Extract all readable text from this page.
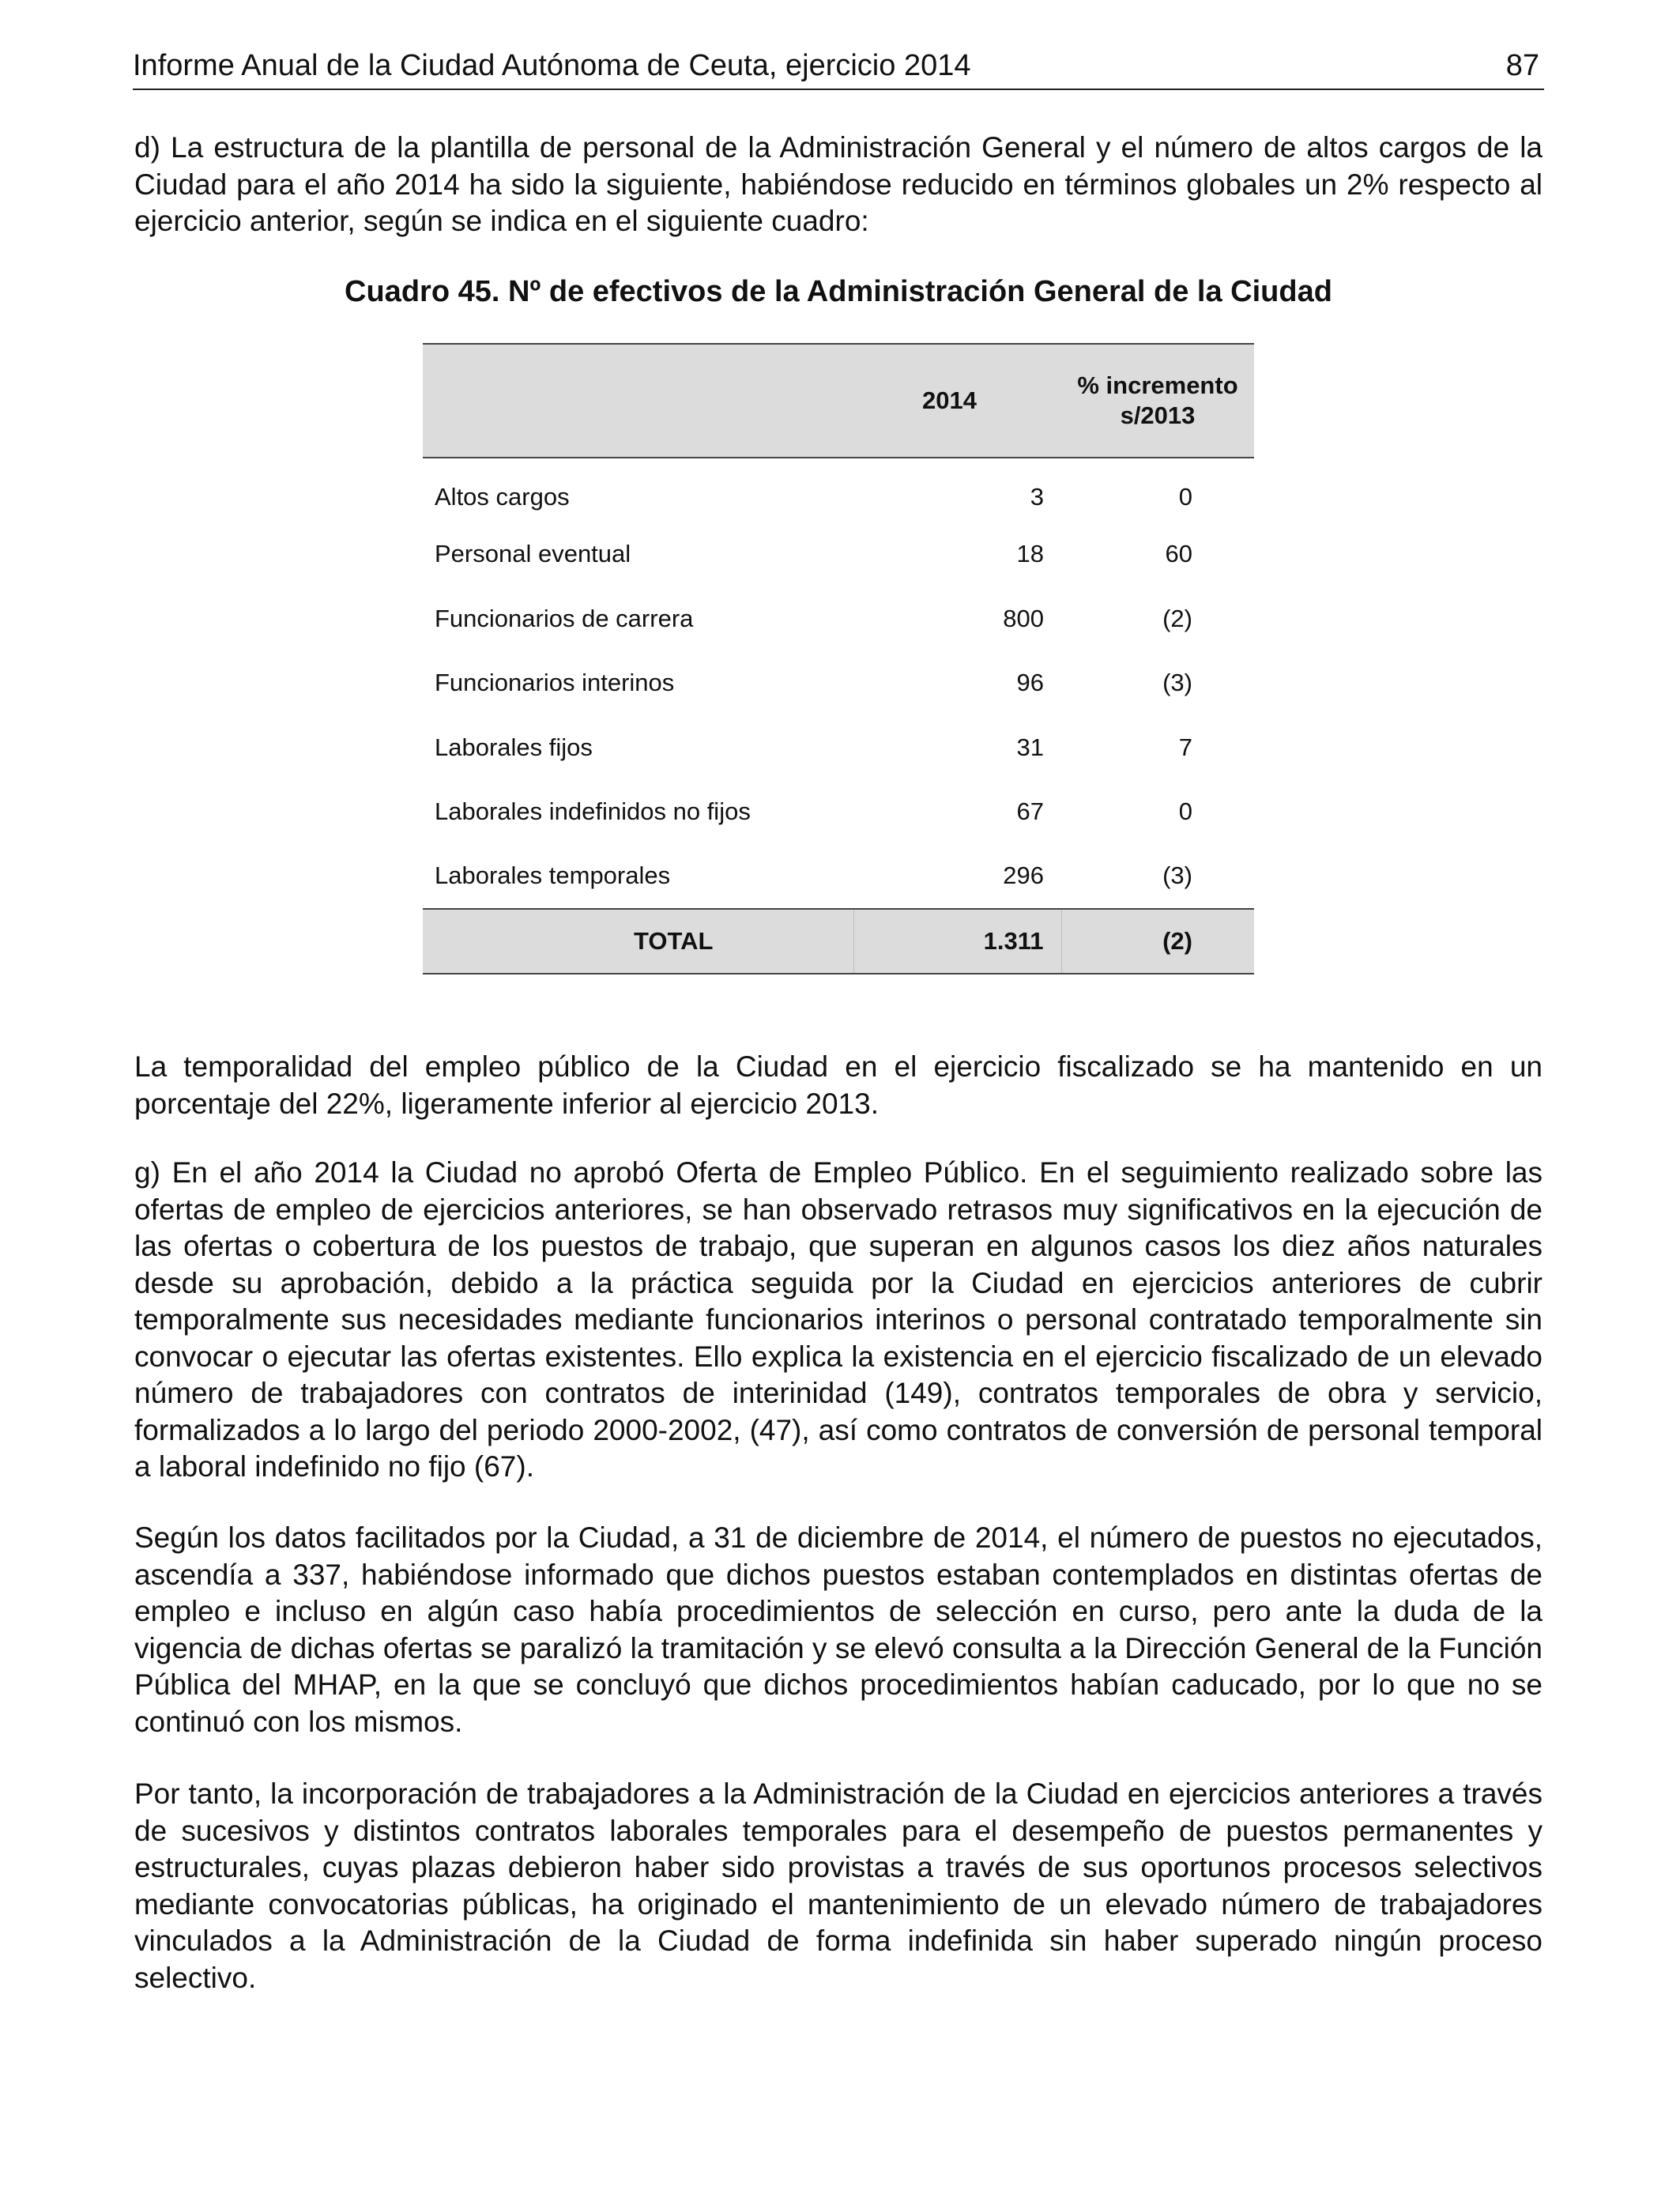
Informe Anual de la Ciudad Autónoma de Ceuta, ejercicio 2014	87

d) La estructura de la plantilla de personal de la Administración General y el número de altos cargos de la Ciudad para el año 2014 ha sido la siguiente, habiéndose reducido en términos globales un 2% respecto al ejercicio anterior, según se indica en el siguiente cuadro:

Cuadro 45. Nº de efectivos de la Administración General de la Ciudad
	2014	% incremento
s/2013
Altos cargos	3	0
Personal eventual	18	60
Funcionarios de carrera	800	(2)
Funcionarios interinos	96	(3)
Laborales fijos	31	7
Laborales indefinidos no fijos	67	0
Laborales temporales	296	(3)
TOTAL	1.311	(2)

La temporalidad del empleo público de la Ciudad en el ejercicio fiscalizado se ha mantenido en un porcentaje del 22%, ligeramente inferior al ejercicio 2013.

g) En el año 2014 la Ciudad no aprobó Oferta de Empleo Público. En el seguimiento realizado sobre las ofertas de empleo de ejercicios anteriores, se han observado retrasos muy significativos en la ejecución de las ofertas o cobertura de los puestos de trabajo, que superan en algunos casos los diez años naturales desde su aprobación, debido a la práctica seguida por la Ciudad en ejercicios anteriores de cubrir temporalmente sus necesidades mediante funcionarios interinos o personal contratado temporalmente sin convocar o ejecutar las ofertas existentes. Ello explica la existencia en el ejercicio fiscalizado de un elevado número de trabajadores con contratos de interinidad (149), contratos temporales de obra y servicio, formalizados a lo largo del periodo 2000-2002, (47), así como contratos de conversión de personal temporal a laboral indefinido no fijo (67).

Según los datos facilitados por la Ciudad, a 31 de diciembre de 2014, el número de puestos no ejecutados, ascendía a 337, habiéndose informado que dichos puestos estaban contemplados en distintas ofertas de empleo e incluso en algún caso había procedimientos de selección en curso, pero ante la duda de la vigencia de dichas ofertas se paralizó la tramitación y se elevó consulta a la Dirección General de la Función Pública del MHAP, en la que se concluyó que dichos procedimientos habían caducado, por lo que no se continuó con los mismos.

Por tanto, la incorporación de trabajadores a la Administración de la Ciudad en ejercicios anteriores a través de sucesivos y distintos contratos laborales temporales para el desempeño de puestos permanentes y estructurales, cuyas plazas debieron haber sido provistas a través de sus oportunos procesos selectivos mediante convocatorias públicas, ha originado el mantenimiento de un elevado número de trabajadores vinculados a la Administración de la Ciudad de forma indefinida sin haber superado ningún proceso selectivo.
